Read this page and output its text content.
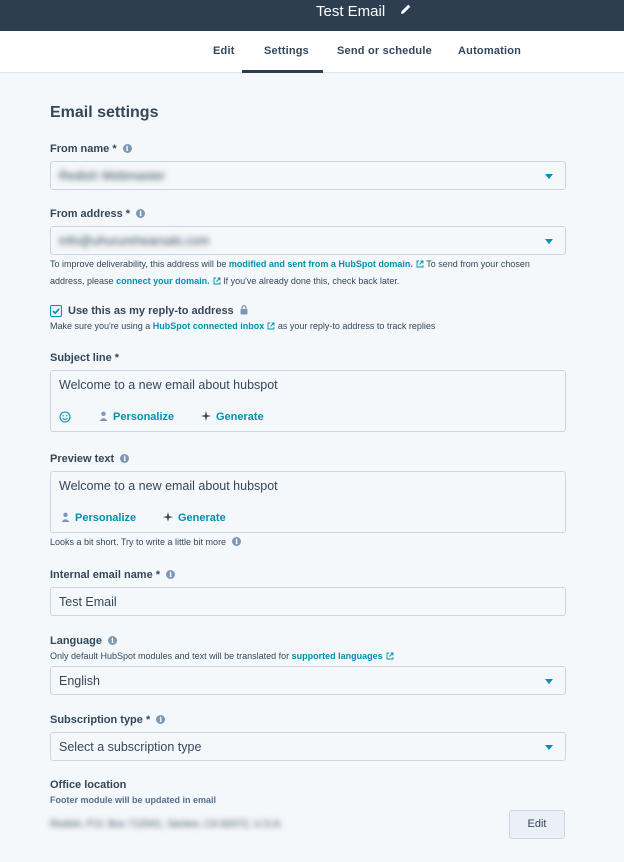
Test Email
Edit	Settings	Send or schedule Automation
Email settings
From name * i
Redish Webmaster
From address * i
info@uhururehearsals.com
To improve deliverability, this address will be modified and sent from a HubSpot domain. To send from your chosen
address, please connect your domain. If you've already done this, check back later.
Use this as my reply-to address
Make sure you're using a HubSpot connected inbox as your reply-to address to track replies
Subject line *
Welcome to a new email about hubspot
Personalize	Generate
Preview text i
Welcome to a new email about hubspot
Personalize	Generate
Looks a bit short. Try to write a little bit more i
Internal email name * i
Test Email
Language i
Only default HubSpot modules and text will be translated for supported languages
English
Subscription type * i
Select a subscription type
Office location
Footer module will be updated in email
Redish, P.O. Box 712041, Santee, CA 92072, U.S.A.	Edit
